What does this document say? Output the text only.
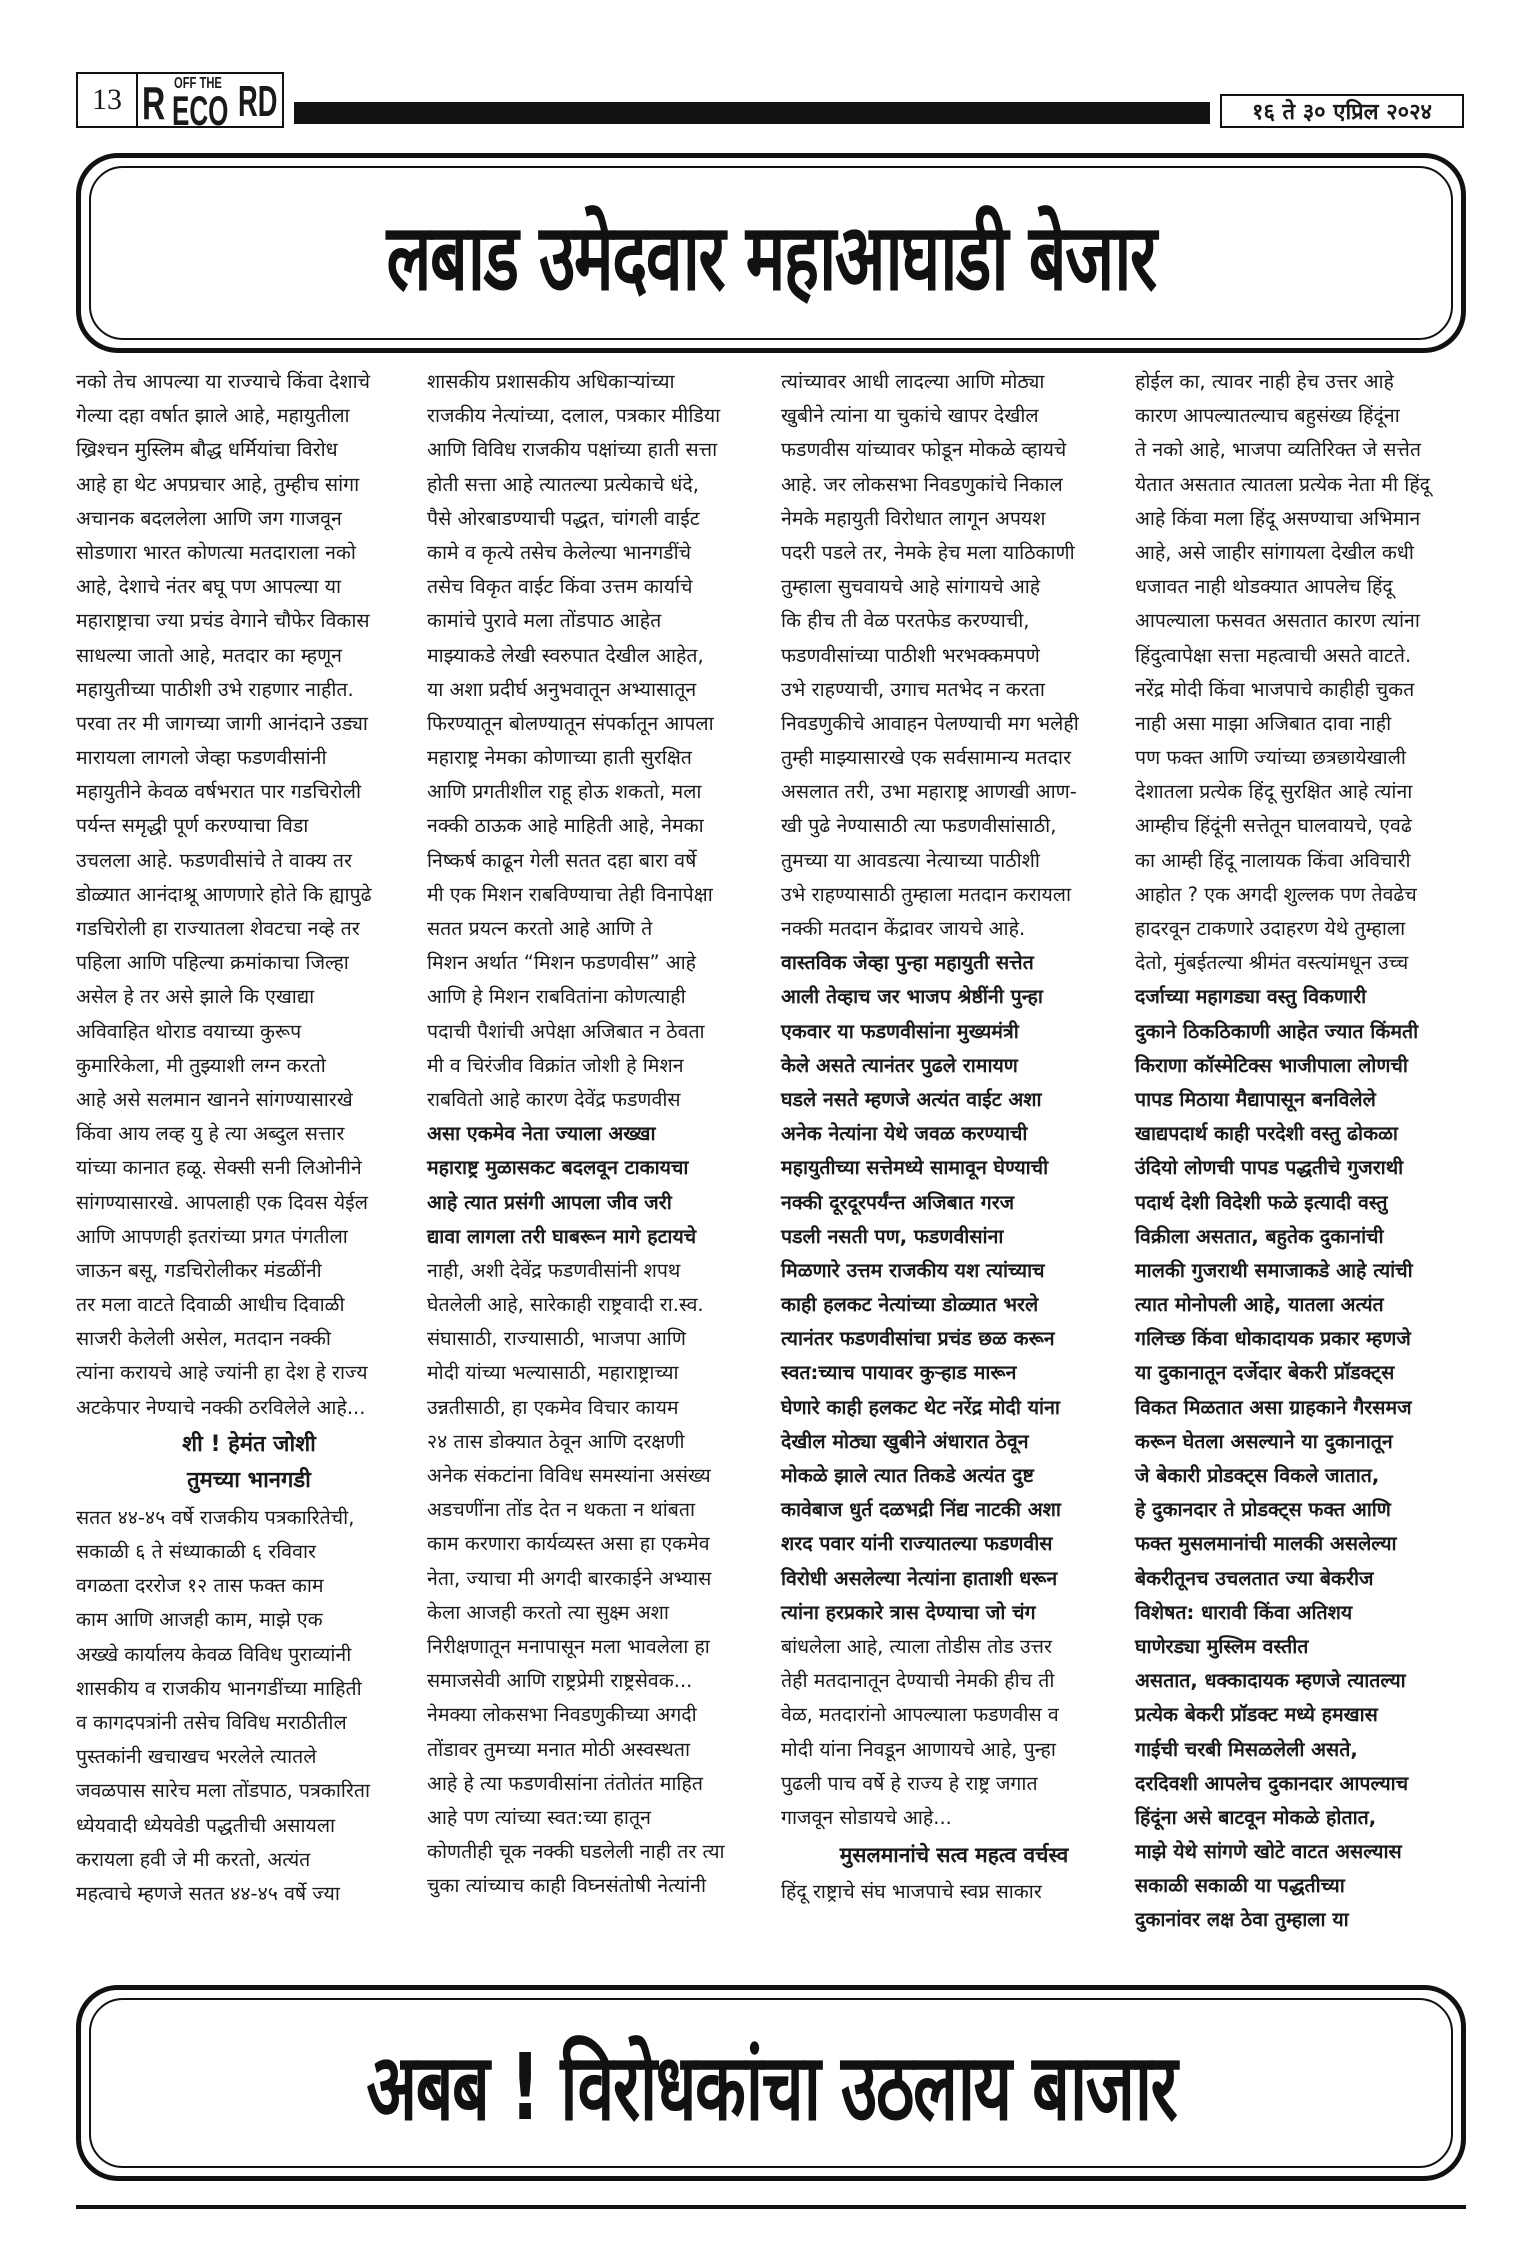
13 R OFF THE
ECO RD	१६ ते ३० एप्रिल २०२४
लबाड उमेदवार महाआघाडी बेजार
नको तेच आपल्या या राज्याचे किंवा देशाचे
गेल्या दहा वर्षात झाले आहे, महायुतीला
ख्रिश्चन मुस्लिम बौद्ध धर्मियांचा विरोध
आहे हा थेट अपप्रचार आहे, तुम्हीच सांगा
अचानक बदललेला आणि जग गाजवून
सोडणारा भारत कोणत्या मतदाराला नको
आहे, देशाचे नंतर बघू पण आपल्या या
महाराष्ट्राचा ज्या प्रचंड वेगाने चौफेर विकास
साधल्या जातो आहे, मतदार का म्हणून
महायुतीच्या पाठीशी उभे राहणार नाहीत.
परवा तर मी जागच्या जागी आनंदाने उड्या
मारायला लागलो जेव्हा फडणवीसांनी
महायुतीने केवळ वर्षभरात पार गडचिरोली
पर्यन्त समृद्धी पूर्ण करण्याचा विडा
उचलला आहे. फडणवीसांचे ते वाक्य तर
डोळ्यात आनंदाश्रू आणणारे होते कि ह्यापुढे
गडचिरोली हा राज्यातला शेवटचा नव्हे तर
पहिला आणि पहिल्या क्रमांकाचा जिल्हा
असेल हे तर असे झाले कि एखाद्या
अविवाहित थोराड वयाच्या कुरूप
कुमारिकेला, मी तुझ्याशी लग्न करतो
आहे असे सलमान खानने सांगण्यासारखे
किंवा आय लव्ह यु हे त्या अब्दुल सत्तार
यांच्या कानात हळू. सेक्सी सनी लिओनीने
सांगण्यासारखे. आपलाही एक दिवस येईल
आणि आपणही इतरांच्या प्रगत पंगतीला
जाऊन बसू, गडचिरोलीकर मंडळींनी
तर मला वाटते दिवाळी आधीच दिवाळी
साजरी केलेली असेल, मतदान नक्की
त्यांना करायचे आहे ज्यांनी हा देश हे राज्य
अटकेपार नेण्याचे नक्की ठरविलेले आहे...
शी ! हेमंत जोशी
तुमच्या भानगडी
सतत ४४-४५ वर्षे राजकीय पत्रकारितेची,
सकाळी ६ ते संध्याकाळी ६ रविवार
वगळता दररोज १२ तास फक्त काम
काम आणि आजही काम, माझे एक
अख्खे कार्यालय केवळ विविध पुराव्यांनी
शासकीय व राजकीय भानगडींच्या माहिती
व कागदपत्रांनी तसेच विविध मराठीतील
पुस्तकांनी खचाखच भरलेले त्यातले
जवळपास सारेच मला तोंडपाठ, पत्रकारिता
ध्येयवादी ध्येयवेडी पद्धतीची असायला
करायला हवी जे मी करतो, अत्यंत
महत्वाचे म्हणजे सतत ४४-४५ वर्षे ज्या
शासकीय प्रशासकीय अधिकाऱ्यांच्या
राजकीय नेत्यांच्या, दलाल, पत्रकार मीडिया
आणि विविध राजकीय पक्षांच्या हाती सत्ता
होती सत्ता आहे त्यातल्या प्रत्येकाचे धंदे,
पैसे ओरबाडण्याची पद्धत, चांगली वाईट
कामे व कृत्ये तसेच केलेल्या भानगडींचे
तसेच विकृत वाईट किंवा उत्तम कार्याचे
कामांचे पुरावे मला तोंडपाठ आहेत
माझ्याकडे लेखी स्वरुपात देखील आहेत,
या अशा प्रदीर्घ अनुभवातून अभ्यासातून
फिरण्यातून बोलण्यातून संपर्कातून आपला
महाराष्ट्र नेमका कोणाच्या हाती सुरक्षित
आणि प्रगतीशील राहू होऊ शकतो, मला
नक्की ठाऊक आहे माहिती आहे, नेमका
निष्कर्ष काढून गेली सतत दहा बारा वर्षे
मी एक मिशन राबविण्याचा तेही विनापेक्षा
सतत प्रयत्न करतो आहे आणि ते
मिशन अर्थात “मिशन फडणवीस” आहे
आणि हे मिशन राबवितांना कोणत्याही
पदाची पैशांची अपेक्षा अजिबात न ठेवता
मी व चिरंजीव विक्रांत जोशी हे मिशन
राबवितो आहे कारण देवेंद्र फडणवीस
असा एकमेव नेता ज्याला अख्खा
महाराष्ट्र मुळासकट बदलवून टाकायचा
आहे त्यात प्रसंगी आपला जीव जरी
द्यावा लागला तरी घाबरून मागे हटायचे
नाही, अशी देवेंद्र फडणवीसांनी शपथ
घेतलेली आहे, सारेकाही राष्ट्रवादी रा.स्व.
संघासाठी, राज्यासाठी, भाजपा आणि
मोदी यांच्या भल्यासाठी, महाराष्ट्राच्या
उन्नतीसाठी, हा एकमेव विचार कायम
२४ तास डोक्यात ठेवून आणि दरक्षणी
अनेक संकटांना विविध समस्यांना असंख्य
अडचणींना तोंड देत न थकता न थांबता
काम करणारा कार्यव्यस्त असा हा एकमेव
नेता, ज्याचा मी अगदी बारकाईने अभ्यास
केला आजही करतो त्या सुक्ष्म अशा
निरीक्षणातून मनापासून मला भावलेला हा
समाजसेवी आणि राष्ट्रप्रेमी राष्ट्रसेवक...
नेमक्या लोकसभा निवडणुकीच्या अगदी
तोंडावर तुमच्या मनात मोठी अस्वस्थता
आहे हे त्या फडणवीसांना तंतोतंत माहित
आहे पण त्यांच्या स्वत:च्या हातून
कोणतीही चूक नक्की घडलेली नाही तर त्या
चुका त्यांच्याच काही विघ्नसंतोषी नेत्यांनी
त्यांच्यावर आधी लादल्या आणि मोठ्या
खुबीने त्यांना या चुकांचे खापर देखील
फडणवीस यांच्यावर फोडून मोकळे व्हायचे
आहे. जर लोकसभा निवडणुकांचे निकाल
नेमके महायुती विरोधात लागून अपयश
पदरी पडले तर, नेमके हेच मला याठिकाणी
तुम्हाला सुचवायचे आहे सांगायचे आहे
कि हीच ती वेळ परतफेड करण्याची,
फडणवीसांच्या पाठीशी भरभक्कमपणे
उभे राहण्याची, उगाच मतभेद न करता
निवडणुकीचे आवाहन पेलण्याची मग भलेही
तुम्ही माझ्यासारखे एक सर्वसामान्य मतदार
असलात तरी, उभा महाराष्ट्र आणखी आण-
खी पुढे नेण्यासाठी त्या फडणवीसांसाठी,
तुमच्या या आवडत्या नेत्याच्या पाठीशी
उभे राहण्यासाठी तुम्हाला मतदान करायला
नक्की मतदान केंद्रावर जायचे आहे.
वास्तविक जेव्हा पुन्हा महायुती सत्तेत
आली तेव्हाच जर भाजप श्रेष्ठींनी पुन्हा
एकवार या फडणवीसांना मुख्यमंत्री
केले असते त्यानंतर पुढले रामायण
घडले नसते म्हणजे अत्यंत वाईट अशा
अनेक नेत्यांना येथे जवळ करण्याची
महायुतीच्या सत्तेमध्ये सामावून घेण्याची
नक्की दूरदूरपर्यंन्त अजिबात गरज
पडली नसती पण, फडणवीसांना
मिळणारे उत्तम राजकीय यश त्यांच्याच
काही हलकट नेत्यांच्या डोळ्यात भरले
त्यानंतर फडणवीसांचा प्रचंड छळ करून
स्वत:च्याच पायावर कुऱ्हाड मारून
घेणारे काही हलकट थेट नरेंद्र मोदी यांना
देखील मोठ्या खुबीने अंधारात ठेवून
मोकळे झाले त्यात तिकडे अत्यंत दुष्ट
कावेबाज धुर्त दळभद्री निंद्य नाटकी अशा
शरद पवार यांनी राज्यातल्या फडणवीस
विरोधी असलेल्या नेत्यांना हाताशी धरून
त्यांना हरप्रकारे त्रास देण्याचा जो चंग
बांधलेला आहे, त्याला तोडीस तोड उत्तर
तेही मतदानातून देण्याची नेमकी हीच ती
वेळ, मतदारांनो आपल्याला फडणवीस व
मोदी यांना निवडून आणायचे आहे, पुन्हा
पुढली पाच वर्षे हे राज्य हे राष्ट्र जगात
गाजवून सोडायचे आहे...
मुसलमानांचे सत्व महत्व वर्चस्व
हिंदू राष्ट्राचे संघ भाजपाचे स्वप्न साकार
होईल का, त्यावर नाही हेच उत्तर आहे
कारण आपल्यातल्याच बहुसंख्य हिंदूंना
ते नको आहे, भाजपा व्यतिरिक्त जे सत्तेत
येतात असतात त्यातला प्रत्येक नेता मी हिंदू
आहे किंवा मला हिंदू असण्याचा अभिमान
आहे, असे जाहीर सांगायला देखील कधी
धजावत नाही थोडक्यात आपलेच हिंदू
आपल्याला फसवत असतात कारण त्यांना
हिंदुत्वापेक्षा सत्ता महत्वाची असते वाटते.
नरेंद्र मोदी किंवा भाजपाचे काहीही चुकत
नाही असा माझा अजिबात दावा नाही
पण फक्त आणि ज्यांच्या छत्रछायेखाली
देशातला प्रत्येक हिंदू सुरक्षित आहे त्यांना
आम्हीच हिंदूंनी सत्तेतून घालवायचे, एवढे
का आम्ही हिंदू नालायक किंवा अविचारी
आहोत ? एक अगदी शुल्लक पण तेवढेच
हादरवून टाकणारे उदाहरण येथे तुम्हाला
देतो, मुंबईतल्या श्रीमंत वस्त्यांमधून उच्च
दर्जाच्या महागड्या वस्तु विकणारी
दुकाने ठिकठिकाणी आहेत ज्यात किंमती
किराणा कॉस्मेटिक्स भाजीपाला लोणची
पापड मिठाया मैद्यापासून बनविलेले
खाद्यपदार्थ काही परदेशी वस्तु ढोकळा
उंदियो लोणची पापड पद्धतीचे गुजराथी
पदार्थ देशी विदेशी फळे इत्यादी वस्तु
विक्रीला असतात, बहुतेक दुकानांची
मालकी गुजराथी समाजाकडे आहे त्यांची
त्यात मोनोपली आहे, यातला अत्यंत
गलिच्छ किंवा धोकादायक प्रकार म्हणजे
या दुकानातून दर्जेदार बेकरी प्रॉडक्ट्स
विकत मिळतात असा ग्राहकाने गैरसमज
करून घेतला असल्याने या दुकानातून
जे बेकारी प्रोडक्ट्स विकले जातात,
हे दुकानदार ते प्रोडक्ट्स फक्त आणि
फक्त मुसलमानांची मालकी असलेल्या
बेकरीतूनच उचलतात ज्या बेकरीज
विशेषत: धारावी किंवा अतिशय
घाणेरड्या मुस्लिम वस्तीत
असतात, धक्कादायक म्हणजे त्यातल्या
प्रत्येक बेकरी प्रॉडक्ट मध्ये हमखास
गाईची चरबी मिसळलेली असते,
दरदिवशी आपलेच दुकानदार आपल्याच
हिंदूंना असे बाटवून मोकळे होतात,
माझे येथे सांगणे खोटे वाटत असल्यास
सकाळी सकाळी या पद्धतीच्या
दुकानांवर लक्ष ठेवा तुम्हाला या
अबब ! विरोधकांचा उठलाय बाजार
